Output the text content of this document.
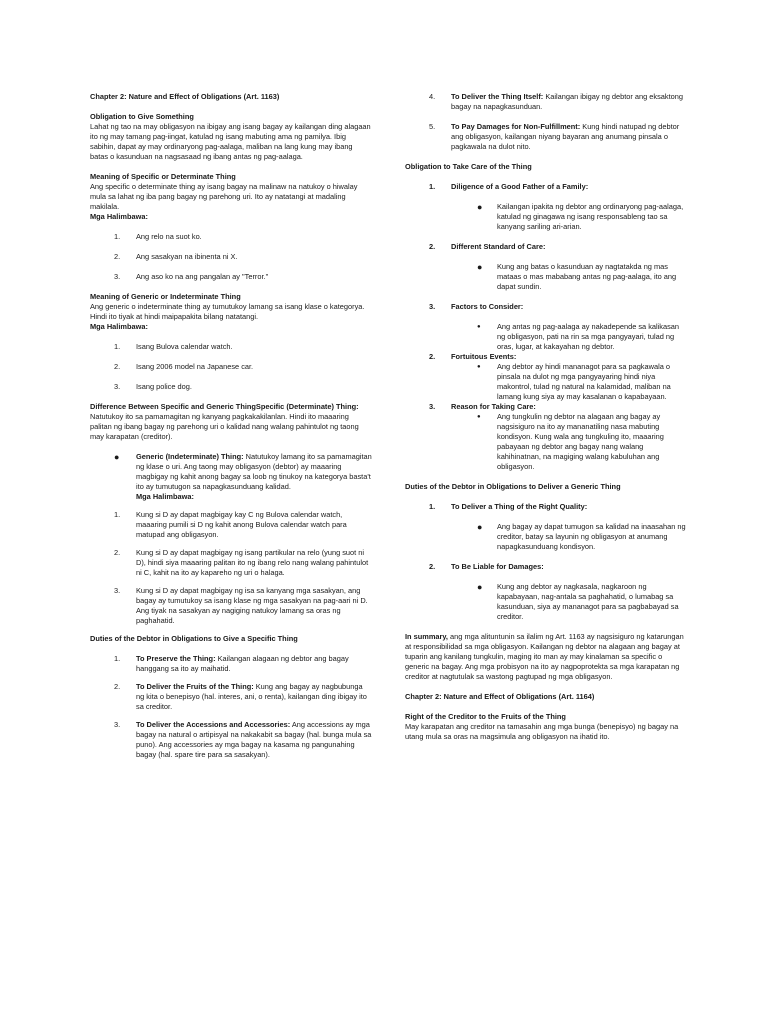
Chapter 2: Nature and Effect of Obligations (Art. 1163)
Obligation to Give Something
Lahat ng tao na may obligasyon na ibigay ang isang bagay ay kailangan ding alagaan ito ng may tamang pag-iingat, katulad ng isang mabuting ama ng pamilya. Ibig sabihin, dapat ay may ordinaryong pag-aalaga, maliban na lang kung may ibang batas o kasunduan na nagsasaad ng ibang antas ng pag-aalaga.
Meaning of Specific or Determinate Thing
Ang specific o determinate thing ay isang bagay na malinaw na natukoy o hiwalay mula sa lahat ng iba pang bagay ng parehong uri. Ito ay natatangi at madaling makilala.
Mga Halimbawa:
1. Ang relo na suot ko.
2. Ang sasakyan na ibinenta ni X.
3. Ang aso ko na ang pangalan ay "Terror."
Meaning of Generic or Indeterminate Thing
Ang generic o indeterminate thing ay tumutukoy lamang sa isang klase o kategorya. Hindi ito tiyak at hindi maipapakita bilang natatangi.
Mga Halimbawa:
1. Isang Bulova calendar watch.
2. Isang 2006 model na Japanese car.
3. Isang police dog.
Difference Between Specific and Generic ThingSpecific (Determinate) Thing: Natutukoy ito sa pamamagitan ng kanyang pagkakakilanlan. Hindi ito maaaring palitan ng ibang bagay ng parehong uri o kalidad nang walang pahintulot ng taong may karapatan (creditor).
● Generic (Indeterminate) Thing: Natutukoy lamang ito sa pamamagitan ng klase o uri. Ang taong may obligasyon (debtor) ay maaaring magbigay ng kahit anong bagay sa loob ng tinukoy na kategorya basta't ito ay tumutugon sa napagkasunduang kalidad.
Mga Halimbawa:
1. Kung si D ay dapat magbigay kay C ng Bulova calendar watch, maaaring pumili si D ng kahit anong Bulova calendar watch para matupad ang obligasyon.
2. Kung si D ay dapat magbigay ng isang partikular na relo (yung suot ni D), hindi siya maaaring palitan ito ng ibang relo nang walang pahintulot ni C, kahit na ito ay kapareho ng uri o halaga.
3. Kung si D ay dapat magbigay ng isa sa kanyang mga sasakyan, ang bagay ay tumutukoy sa isang klase ng mga sasakyan na pag-aari ni D. Ang tiyak na sasakyan ay nagiging natukoy lamang sa oras ng paghahatid.
Duties of the Debtor in Obligations to Give a Specific Thing
1. To Preserve the Thing: Kailangan alagaan ng debtor ang bagay hanggang sa ito ay maihatid.
2. To Deliver the Fruits of the Thing: Kung ang bagay ay nagbubunga ng kita o benepisyo (hal. interes, ani, o renta), kailangan ding ibigay ito sa creditor.
3. To Deliver the Accessions and Accessories: Ang accessions ay mga bagay na natural o artipisyal na nakakabit sa bagay (hal. bunga mula sa puno). Ang accessories ay mga bagay na kasama ng pangunahing bagay (hal. spare tire para sa sasakyan).
4. To Deliver the Thing Itself: Kailangan ibigay ng debtor ang eksaktong bagay na napagkasunduan.
5. To Pay Damages for Non-Fulfillment: Kung hindi natupad ng debtor ang obligasyon, kailangan niyang bayaran ang anumang pinsala o pagkawala na dulot nito.
Obligation to Take Care of the Thing
1. Diligence of a Good Father of a Family:
● Kailangan ipakita ng debtor ang ordinaryong pag-aalaga, katulad ng ginagawa ng isang responsableng tao sa kanyang sariling ari-arian.
2. Different Standard of Care:
● Kung ang batas o kasunduan ay nagtatakda ng mas mataas o mas mababang antas ng pag-aalaga, ito ang dapat sundin.
3. Factors to Consider:
● Ang antas ng pag-aalaga ay nakadepende sa kalikasan ng obligasyon, pati na rin sa mga pangyayari, tulad ng oras, lugar, at kakayahan ng debtor.
2. Fortuitous Events:
● Ang debtor ay hindi mananagot para sa pagkawala o pinsala na dulot ng mga pangyayaring hindi niya makontrol, tulad ng natural na kalamidad, maliban na lamang kung siya ay may kasalanan o kapabayaan.
3. Reason for Taking Care:
● Ang tungkulin ng debtor na alagaan ang bagay ay nagsisiguro na ito ay mananatiling nasa mabuting kondisyon. Kung wala ang tungkuling ito, maaaring pabayaan ng debtor ang bagay nang walang kahihinatnan, na magiging walang kabuluhan ang obligasyon.
Duties of the Debtor in Obligations to Deliver a Generic Thing
1. To Deliver a Thing of the Right Quality:
● Ang bagay ay dapat tumugon sa kalidad na inaasahan ng creditor, batay sa layunin ng obligasyon at anumang napagkasunduang kondisyon.
2. To Be Liable for Damages:
● Kung ang debtor ay nagkasala, nagkaroon ng kapabayaan, nag-antala sa paghahatid, o lumabag sa kasunduan, siya ay mananagot para sa pagbabayad sa creditor.
In summary, ang mga alituntunin sa ilalim ng Art. 1163 ay nagsisiguro ng katarungan at responsibilidad sa mga obligasyon. Kailangan ng debtor na alagaan ang bagay at tuparin ang kanilang tungkulin, maging ito man ay may kinalaman sa specific o generic na bagay. Ang mga probisyon na ito ay nagpoprotekta sa mga karapatan ng creditor at nagtutulak sa wastong pagtupad ng mga obligasyon.
Chapter 2: Nature and Effect of Obligations (Art. 1164)
Right of the Creditor to the Fruits of the Thing
May karapatan ang creditor na tamasahin ang mga bunga (benepisyo) ng bagay na utang mula sa oras na magsimula ang obligasyon na ihatid ito.
